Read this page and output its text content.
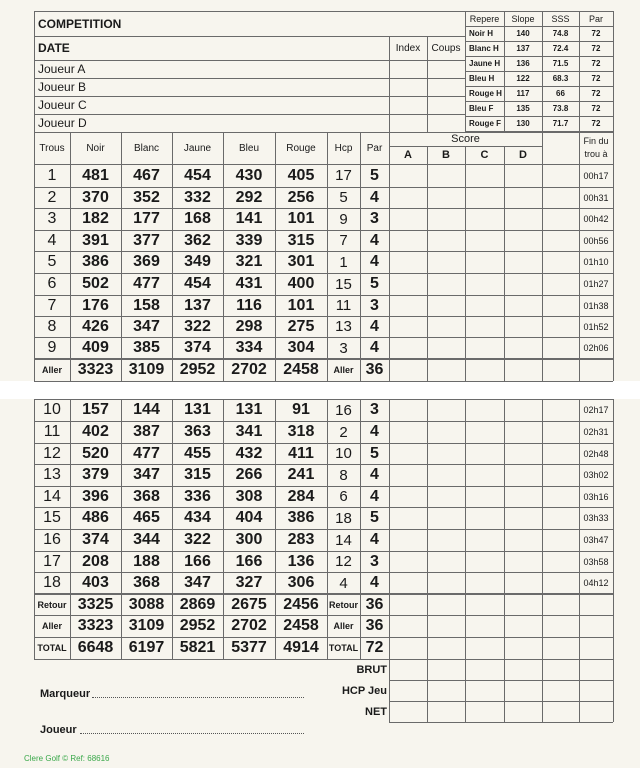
COMPETITION
DATE	Index	Coups
Joueur A
Joueur B
Joueur C
Joueur D
Repere	Slope	SSS	Par
Noir H	140	74.8	72
Blanc H	137	72.4	72
Jaune H	136	71.5	72
Bleu H	122	68.3	72
Rouge H	117	66	72
Bleu F	135	73.8	72
Rouge F	130	71.7	72
Trous	Noir	Blanc	Jaune	Bleu	Rouge	Hcp	Par
Score
A	B	C	D
Fin du
trou à
1	481	467	454	430	405	17	5	00h17
2	370	352	332	292	256	5	4	00h31
3	182	177	168	141	101	9	3	00h42
4	391	377	362	339	315	7	4	00h56
5	386	369	349	321	301	1	4	01h10
6	502	477	454	431	400	15	5	01h27
7	176	158	137	116	101	11	3	01h38
8	426	347	322	298	275	13	4	01h52
9	409	385	374	334	304	3	4	02h06
Aller 3323 3109 2952 2702	2458	Aller 36
10	157	144	131	131	91	16	3	02h17
11	402	387	363	341	318	2	4	02h31
12	520	477	455	432	411	10	5	02h48
13	379	347	315	266	241	8	4	03h02
14	396	368	336	308	284	6	4	03h16
15	486	465	434	404	386	18	5	03h33
16	374	344	322	300	283	14	4	03h47
17	208	188	166	166	136	12	3	03h58
18	403	368	347	327	306	4	4	04h12
Retour 3325 3088 2869 2675	2456	Retour 36
Aller 3323 3109 2952 2702	2458	Aller 36
TOTAL 6648 6197 5821 5377	4914	TOTAL 72
BRUT
HCP Jeu
NET
Marqueur
Joueur
Clere Golf © Ref: 68616
